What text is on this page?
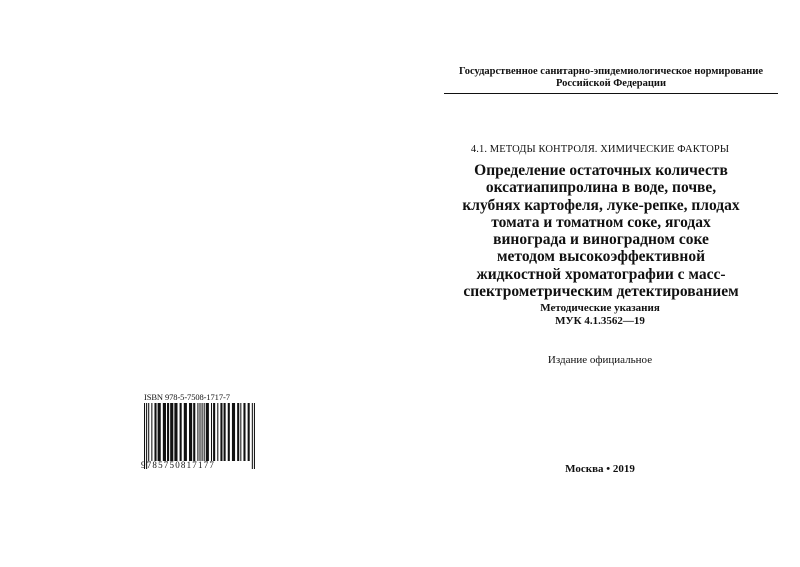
ISBN 978-5-7508-1717-7
9785750817177
Государственное санитарно-эпидемиологическое нормирование
Российской Федерации
4.1. МЕТОДЫ КОНТРОЛЯ. ХИМИЧЕСКИЕ ФАКТОРЫ
Определение остаточных количеств
оксатиапипролина в воде, почве,
клубнях картофеля, луке-репке, плодах
томата и томатном соке, ягодах
винограда и виноградном соке
методом высокоэффективной
жидкостной хроматографии с масс-
спектрометрическим детектированием
Методические указания
МУК 4.1.3562—19
Издание официальное
Москва • 2019
